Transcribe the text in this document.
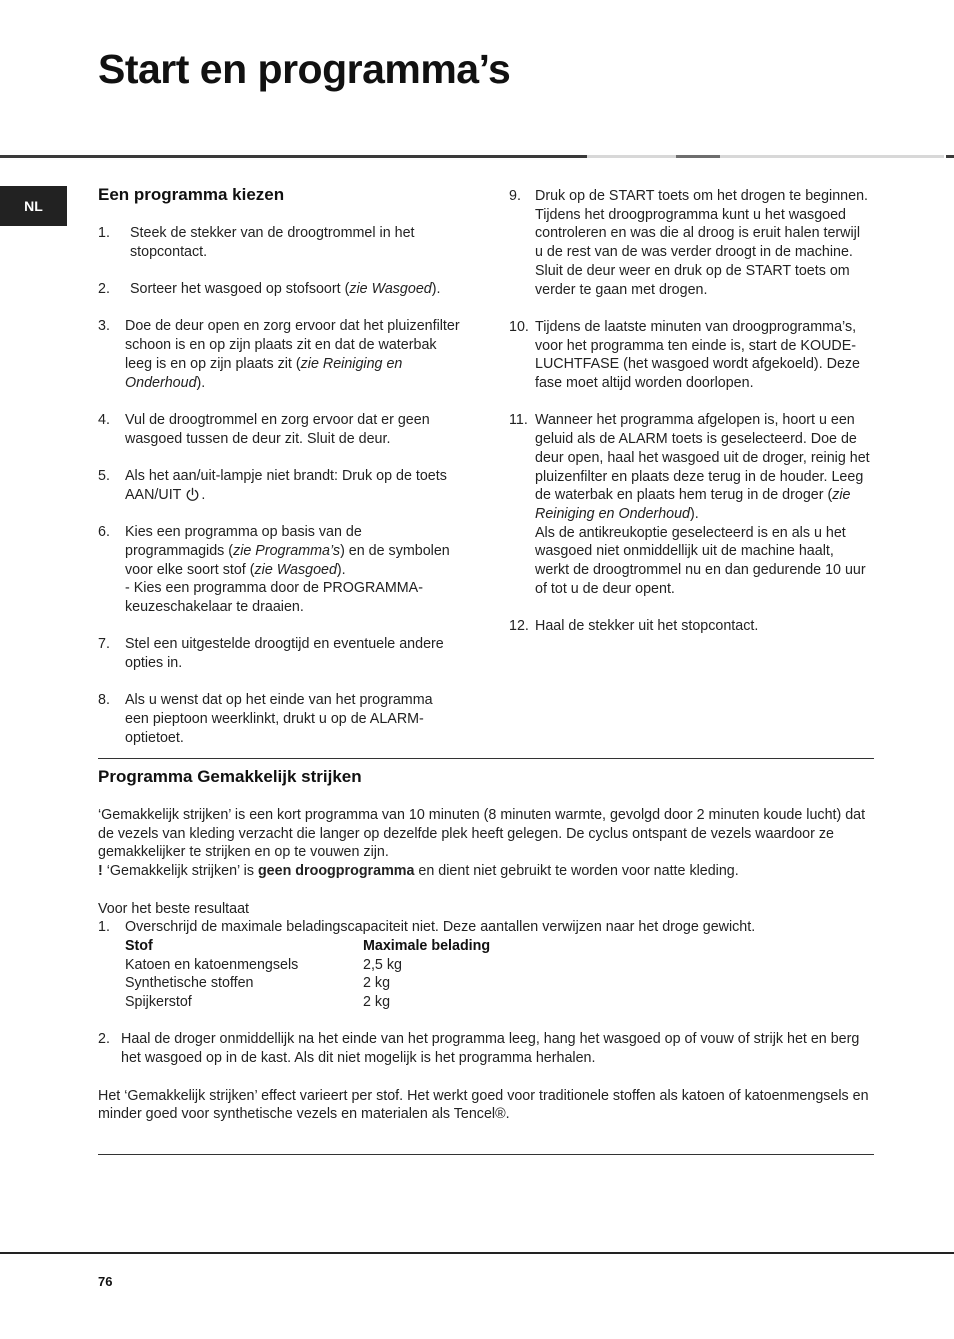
Start en programma’s
NL
Een programma kiezen
1. Steek de stekker van de droogtrommel in het stopcontact.
2. Sorteer het wasgoed op stofsoort (zie Wasgoed).
3. Doe de deur open en zorg ervoor dat het pluizenfilter schoon is en op zijn plaats zit en dat de waterbak leeg is en op zijn plaats zit (zie Reiniging en Onderhoud).
4. Vul de droogtrommel en zorg ervoor dat er geen wasgoed tussen de deur zit. Sluit de deur.
5. Als het aan/uit-lampje niet brandt: Druk op de toets AAN/UIT .
6. Kies een programma op basis van de programmagids (zie Programma’s) en de symbolen voor elke soort stof (zie Wasgoed).
- Kies een programma door de PROGRAMMA-keuzeschakelaar te draaien.
7. Stel een uitgestelde droogtijd en eventuele andere opties in.
8. Als u wenst dat op het einde van het programma een pieptoon weerklinkt, drukt u op de ALARM-optietoet.
9. Druk op de START toets om het drogen te beginnen.
Tijdens het droogprogramma kunt u het wasgoed controleren en was die al droog is eruit halen terwijl u de rest van de was verder droogt in de machine. Sluit de deur weer en druk op de START toets om verder te gaan met drogen.
10. Tijdens de laatste minuten van droogprogramma’s, voor het programma ten einde is, start de KOUDE-LUCHTFASE (het wasgoed wordt afgekoeld). Deze fase moet altijd worden doorlopen.
11. Wanneer het programma afgelopen is, hoort u een geluid als de ALARM toets is geselecteerd. Doe de deur open, haal het wasgoed uit de droger, reinig het pluizenfilter en plaats deze terug in de houder. Leeg de waterbak en plaats hem terug in de droger (zie Reiniging en Onderhoud).
Als de antikreukoptie geselecteerd is en als u het wasgoed niet onmiddellijk uit de machine haalt, werkt de droogtrommel nu en dan gedurende 10 uur of tot u de deur opent.
12. Haal de stekker uit het stopcontact.
Programma Gemakkelijk strijken

‘Gemakkelijk strijken’ is een kort programma van 10 minuten (8 minuten warmte, gevolgd door 2 minuten koude lucht) dat de vezels van kleding verzacht die langer op dezelfde plek heeft gelegen. De cyclus ontspant de vezels waardoor ze gemakkelijker te strijken en op te vouwen zijn.

! ‘Gemakkelijk strijken’ is geen droogprogramma en dient niet gebruikt te worden voor natte kleding.

Voor het beste resultaat

1. Overschrijd de maximale beladingscapaciteit niet. Deze aantallen verwijzen naar het droge gewicht.
Stof	Maximale belading
Katoen en katoenmengsels	2,5 kg
Synthetische stoffen	2 kg
Spijkerstof	2 kg
2. Haal de droger onmiddellijk na het einde van het programma leeg, hang het wasgoed op of vouw of strijk het en berg het wasgoed op in de kast. Als dit niet mogelijk is het programma herhalen.

Het ‘Gemakkelijk strijken’ effect varieert per stof. Het werkt goed voor traditionele stoffen als katoen of katoenmengsels en minder goed voor synthetische vezels en materialen als Tencel®.

76
